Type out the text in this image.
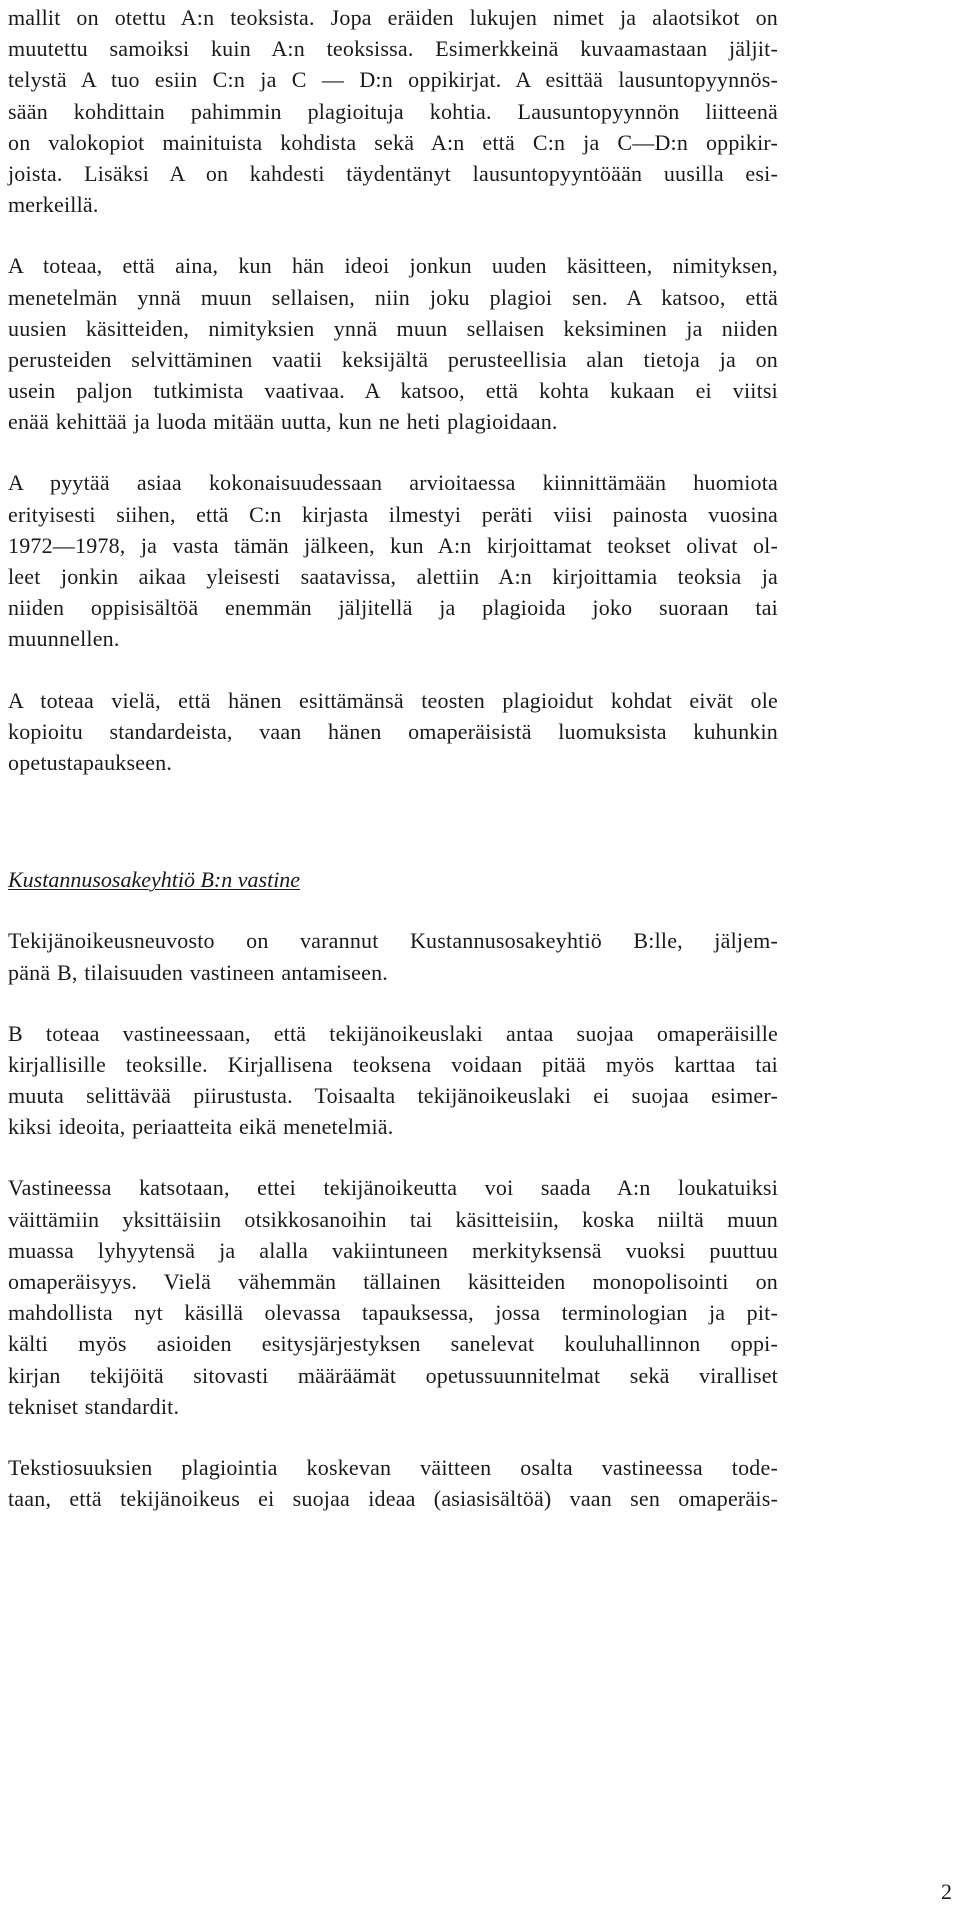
mallit on otettu A:n teoksista. Jopa eräiden lukujen nimet ja alaotsikot on
muutettu samoiksi kuin A:n teoksissa. Esimerkkeinä kuvaamastaan jäljit-
telystä A tuo esiin C:n ja C — D:n oppikirjat. A esittää lausuntopyynnös-
sään kohdittain pahimmin plagioituja kohtia. Lausuntopyynnön liitteenä
on valokopiot mainituista kohdista sekä A:n että C:n ja C—D:n oppikir-
joista. Lisäksi A on kahdesti täydentänyt lausuntopyyntöään uusilla esi-
merkeillä.
A toteaa, että aina, kun hän ideoi jonkun uuden käsitteen, nimityksen,
menetelmän ynnä muun sellaisen, niin joku plagioi sen. A katsoo, että
uusien käsitteiden, nimityksien ynnä muun sellaisen keksiminen ja niiden
perusteiden selvittäminen vaatii keksijältä perusteellisia alan tietoja ja on
usein paljon tutkimista vaativaa. A katsoo, että kohta kukaan ei viitsi
enää kehittää ja luoda mitään uutta, kun ne heti plagioidaan.
A pyytää asiaa kokonaisuudessaan arvioitaessa kiinnittämään huomiota
erityisesti siihen, että C:n kirjasta ilmestyi peräti viisi painosta vuosina
1972—1978, ja vasta tämän jälkeen, kun A:n kirjoittamat teokset olivat ol-
leet jonkin aikaa yleisesti saatavissa, alettiin A:n kirjoittamia teoksia ja
niiden oppisisältöä enemmän jäljitellä ja plagioida joko suoraan tai
muunnellen.
A toteaa vielä, että hänen esittämänsä teosten plagioidut kohdat eivät ole
kopioitu standardeista, vaan hänen omaperäisistä luomuksista kuhunkin
opetustapaukseen.
Kustannusosakeyhtiö B:n vastine
Tekijänoikeusneuvosto on varannut Kustannusosakeyhtiö B:lle, jäljem-
pänä B, tilaisuuden vastineen antamiseen.
B toteaa vastineessaan, että tekijänoikeuslaki antaa suojaa omaperäisille
kirjallisille teoksille. Kirjallisena teoksena voidaan pitää myös karttaa tai
muuta selittävää piirustusta. Toisaalta tekijänoikeuslaki ei suojaa esimer-
kiksi ideoita, periaatteita eikä menetelmiä.
Vastineessa katsotaan, ettei tekijänoikeutta voi saada A:n loukatuiksi
väittämiin yksittäisiin otsikkosanoihin tai käsitteisiin, koska niiltä muun
muassa lyhyytensä ja alalla vakiintuneen merkityksensä vuoksi puuttuu
omaperäisyys. Vielä vähemmän tällainen käsitteiden monopolisointi on
mahdollista nyt käsillä olevassa tapauksessa, jossa terminologian ja pit-
kälti myös asioiden esitysjärjestyksen sanelevat kouluhallinnon oppi-
kirjan tekijöitä sitovasti määräämät opetussuunnitelmat sekä viralliset
tekniset standardit.
Tekstiosuuksien plagiointia koskevan väitteen osalta vastineessa tode-
taan, että tekijänoikeus ei suojaa ideaa (asiasisältöä) vaan sen omaperäis-
2
